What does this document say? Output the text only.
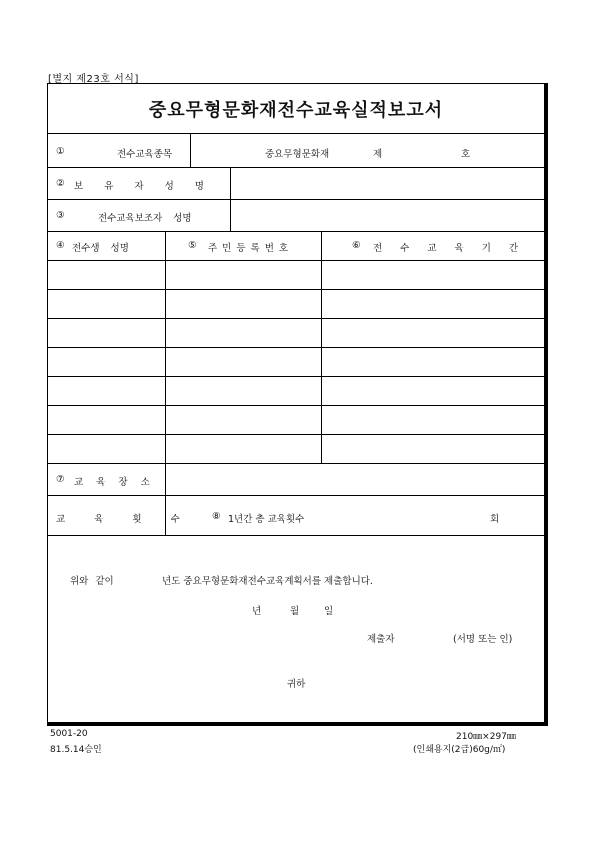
[별지 제23호 서식]
중요무형문화재전수교육실적보고서
①	전수교육종목	중요무형문화재	제	호
② 보 유 자 성 명
③	전수교육보조자 성명
④ 전수생 성명	⑤ 주민등록번호	⑥ 전수교육기간
⑦ 교 육 장 소
교 육 횟 수	⑧ 1년간 총 교육횟수	회
위와 같이	년도 중요무형문화재전수교육계획서를 제출합니다.
년	월	일
제출자	(서명 또는 인)
귀하
5001-20
81.5.14승인
210㎜×297㎜
(인쇄용지(2급)60g/㎡)
